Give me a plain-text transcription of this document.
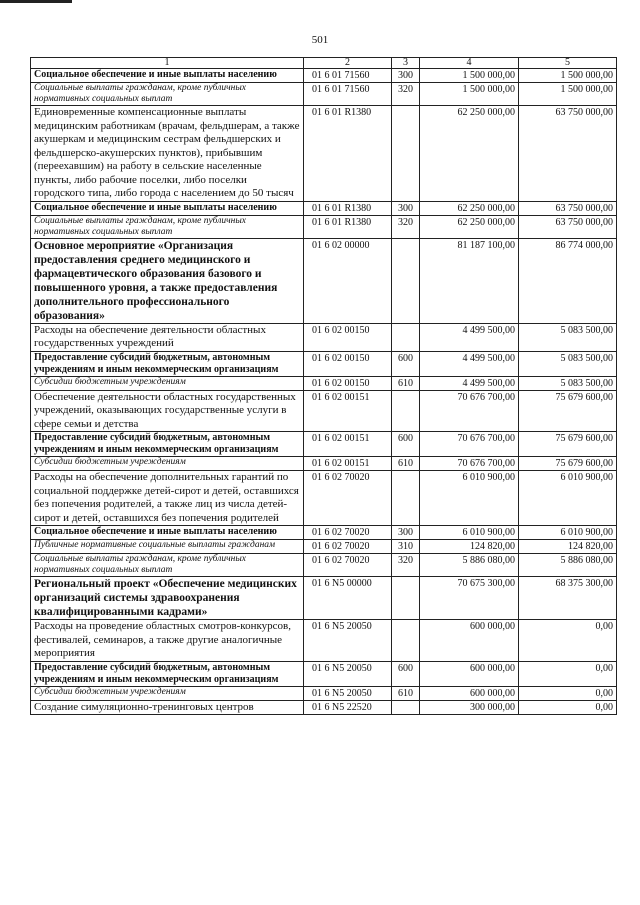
501
1	2	3	4	5
Социальное обеспечение и иные выплаты населению	01 6 01 71560	300	1 500 000,00	1 500 000,00
Социальные выплаты гражданам, кроме публичных нормативных социальных выплат	01 6 01 71560	320	1 500 000,00	1 500 000,00
Единовременные компенсационные выплаты медицинским работникам (врачам, фельдшерам, а также акушеркам и медицинским сестрам фельдшерских и фельдшерско-акушерских пунктов), прибывшим (переехавшим) на работу в сельские населенные пункты, либо рабочие поселки, либо поселки городского типа, либо города с населением до 50 тысяч	01 6 01 R1380		62 250 000,00	63 750 000,00
Социальное обеспечение и иные выплаты населению	01 6 01 R1380	300	62 250 000,00	63 750 000,00
Социальные выплаты гражданам, кроме публичных нормативных социальных выплат	01 6 01 R1380	320	62 250 000,00	63 750 000,00
Основное мероприятие «Организация предоставления среднего медицинского и фармацевтического образования базового и повышенного уровня, а также предоставления дополнительного профессионального образования»	01 6 02 00000		81 187 100,00	86 774 000,00
Расходы на обеспечение деятельности областных государственных учреждений	01 6 02 00150		4 499 500,00	5 083 500,00
Предоставление субсидий бюджетным, автономным учреждениям и иным некоммерческим организациям	01 6 02 00150	600	4 499 500,00	5 083 500,00
Субсидии бюджетным учреждениям	01 6 02 00150	610	4 499 500,00	5 083 500,00
Обеспечение деятельности областных государственных учреждений, оказывающих государственные услуги в сфере семьи и детства	01 6 02 00151		70 676 700,00	75 679 600,00
Предоставление субсидий бюджетным, автономным учреждениям и иным некоммерческим организациям	01 6 02 00151	600	70 676 700,00	75 679 600,00
Субсидии бюджетным учреждениям	01 6 02 00151	610	70 676 700,00	75 679 600,00
Расходы на обеспечение дополнительных гарантий по социальной поддержке детей-сирот и детей, оставшихся без попечения родителей, а также лиц из числа детей-сирот и детей, оставшихся без попечения родителей	01 6 02 70020		6 010 900,00	6 010 900,00
Социальное обеспечение и иные выплаты населению	01 6 02 70020	300	6 010 900,00	6 010 900,00
Публичные нормативные социальные выплаты гражданам	01 6 02 70020	310	124 820,00	124 820,00
Социальные выплаты гражданам, кроме публичных нормативных социальных выплат	01 6 02 70020	320	5 886 080,00	5 886 080,00
Региональный проект «Обеспечение медицинских организаций системы здравоохранения квалифицированными кадрами»	01 6 N5 00000		70 675 300,00	68 375 300,00
Расходы на проведение областных смотров-конкурсов, фестивалей, семинаров, а также другие аналогичные мероприятия	01 6 N5 20050		600 000,00	0,00
Предоставление субсидий бюджетным, автономным учреждениям и иным некоммерческим организациям	01 6 N5 20050	600	600 000,00	0,00
Субсидии бюджетным учреждениям	01 6 N5 20050	610	600 000,00	0,00
Создание симуляционно-тренинговых центров	01 6 N5 22520		300 000,00	0,00
